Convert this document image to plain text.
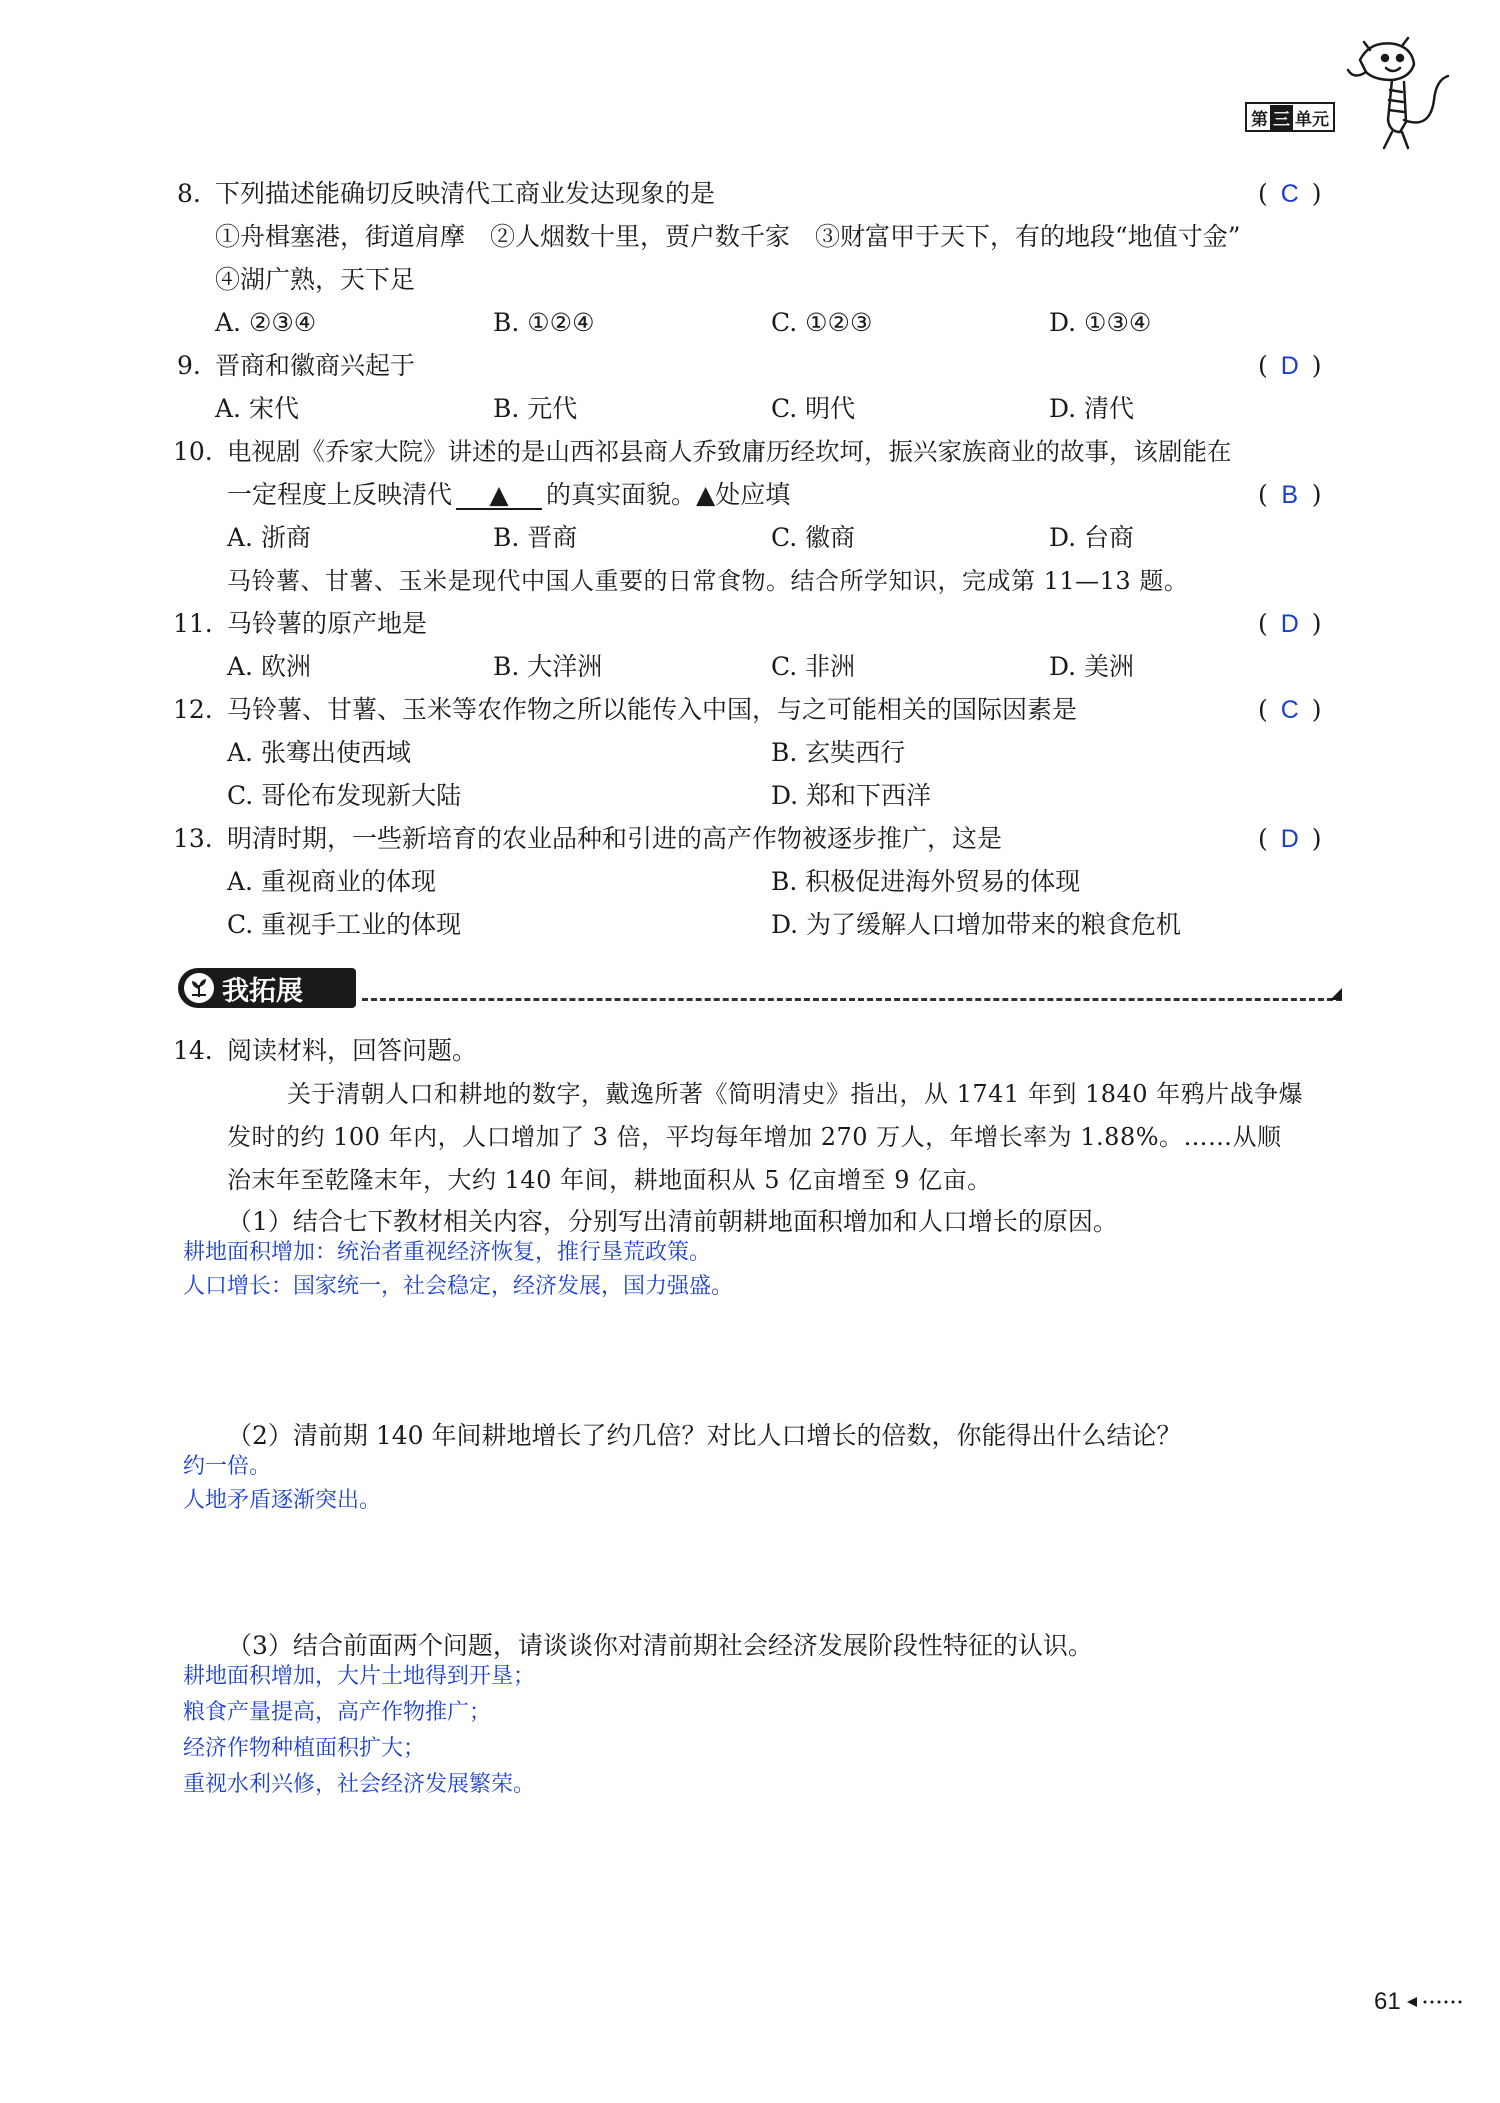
第 三 单元
8. 下列描述能确切反映清代工商业发达现象的是	( C )
①舟楫塞港，街道肩摩　②人烟数十里，贾户数千家　③财富甲于天下，有的地段“地值寸金”
④湖广熟，天下足
A. ②③④	B. ①②④	C. ①②③	D. ①③④
9. 晋商和徽商兴起于	( D )
A. 宋代	B. 元代	C. 明代	D. 清代
10. 电视剧《乔家大院》讲述的是山西祁县商人乔致庸历经坎坷，振兴家族商业的故事，该剧能在
一定程度上反映清代 ▲ 的真实面貌。▲处应填	( B )
A. 浙商	B. 晋商	C. 徽商	D. 台商
马铃薯、甘薯、玉米是现代中国人重要的日常食物。结合所学知识，完成第 11—13 题。
11. 马铃薯的原产地是	( D )
A. 欧洲	B. 大洋洲	C. 非洲	D. 美洲
12. 马铃薯、甘薯、玉米等农作物之所以能传入中国，与之可能相关的国际因素是	( C )
A. 张骞出使西域	B. 玄奘西行
C. 哥伦布发现新大陆	D. 郑和下西洋
13. 明清时期，一些新培育的农业品种和引进的高产作物被逐步推广，这是	( D )
A. 重视商业的体现	B. 积极促进海外贸易的体现
C. 重视手工业的体现	D. 为了缓解人口增加带来的粮食危机
我拓展
14. 阅读材料，回答问题。
关于清朝人口和耕地的数字，戴逸所著《简明清史》指出，从 1741 年到 1840 年鸦片战争爆
发时的约 100 年内，人口增加了 3 倍，平均每年增加 270 万人，年增长率为 1.88%。……从顺
治末年至乾隆末年，大约 140 年间，耕地面积从 5 亿亩增至 9 亿亩。
（1）结合七下教材相关内容，分别写出清前朝耕地面积增加和人口增长的原因。
耕地面积增加：统治者重视经济恢复，推行垦荒政策。
人口增长：国家统一，社会稳定，经济发展，国力强盛。
（2）清前期 140 年间耕地增长了约几倍？对比人口增长的倍数，你能得出什么结论？
约一倍。
人地矛盾逐渐突出。
（3）结合前面两个问题，请谈谈你对清前期社会经济发展阶段性特征的认识。
耕地面积增加，大片土地得到开垦；
粮食产量提高，高产作物推广；
经济作物种植面积扩大；
重视水利兴修，社会经济发展繁荣。
61
